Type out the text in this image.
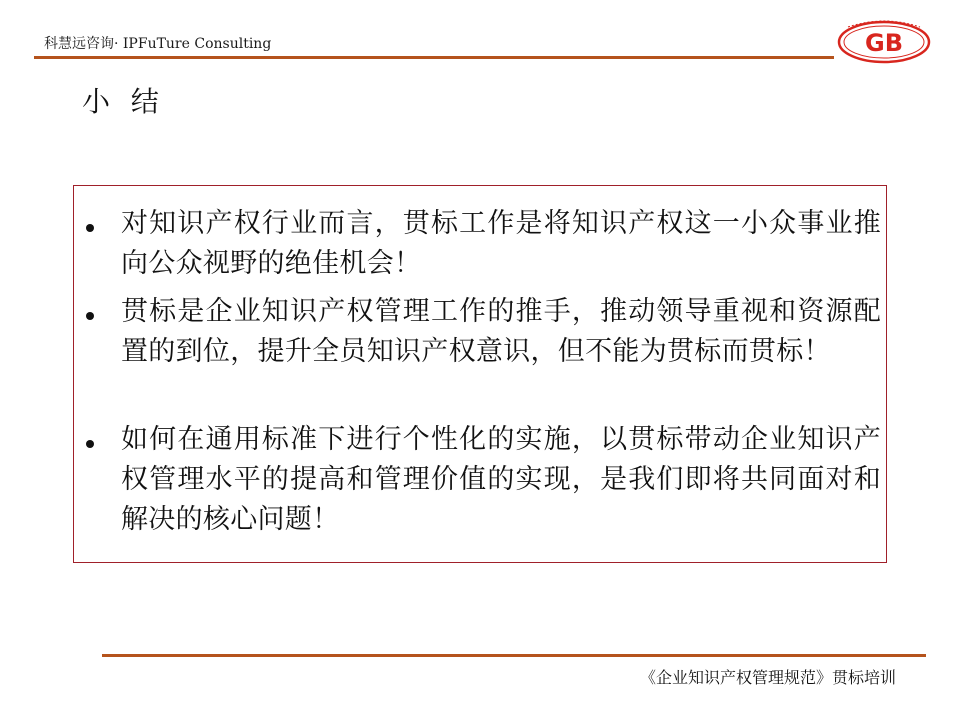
科慧远咨询· IPFuTure Consulting	GB
小 结
对知识产权行业而言，贯标工作是将知识产权这一小众事业推向公众视野的绝佳机会！
贯标是企业知识产权管理工作的推手，推动领导重视和资源配置的到位，提升全员知识产权意识，但不能为贯标而贯标！
如何在通用标准下进行个性化的实施，以贯标带动企业知识产权管理水平的提高和管理价值的实现，是我们即将共同面对和解决的核心问题！
《企业知识产权管理规范》贯标培训
